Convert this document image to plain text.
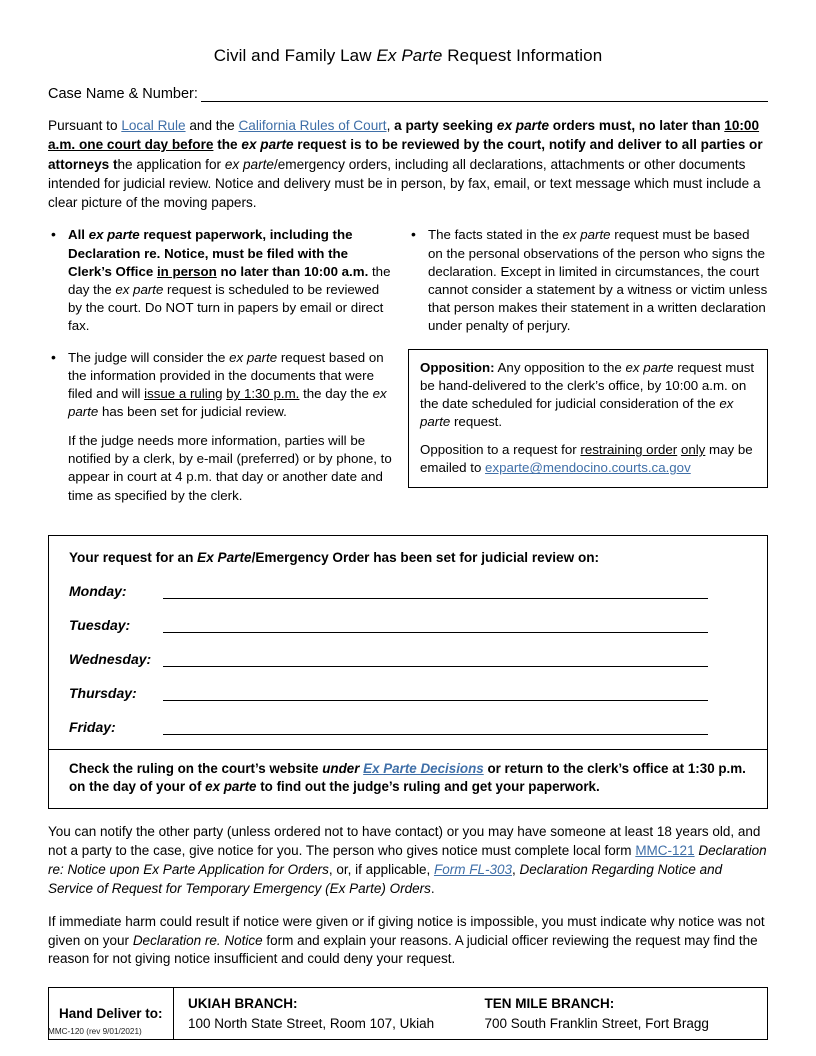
Civil and Family Law Ex Parte Request Information
Case Name & Number:

Pursuant to Local Rule and the California Rules of Court, a party seeking ex parte orders must, no later than 10:00 a.m. one court day before the ex parte request is to be reviewed by the court, notify and deliver to all parties or attorneys the application for ex parte/emergency orders, including all declarations, attachments or other documents intended for judicial review. Notice and delivery must be in person, by fax, email, or text message which must include a clear picture of the moving papers.

• All ex parte request paperwork, including the Declaration re. Notice, must be filed with the Clerk’s Office in person no later than 10:00 a.m. the day the ex parte request is scheduled to be reviewed by the court. Do NOT turn in papers by email or direct fax.

• The judge will consider the ex parte request based on the information provided in the documents that were filed and will issue a ruling by 1:30 p.m. the day the ex parte has been set for judicial review.

If the judge needs more information, parties will be notified by a clerk, by e-mail (preferred) or by phone, to appear in court at 4 p.m. that day or another date and time as specified by the clerk.

• The facts stated in the ex parte request must be based on the personal observations of the person who signs the declaration. Except in limited in circumstances, the court cannot consider a statement by a witness or victim unless that person makes their statement in a written declaration under penalty of perjury.

Opposition: Any opposition to the ex parte request must be hand-delivered to the clerk’s office, by 10:00 a.m. on the date scheduled for judicial consideration of the ex parte request.

Opposition to a request for restraining order only may be emailed to exparte@mendocino.courts.ca.gov

Your request for an Ex Parte/Emergency Order has been set for judicial review on:

Monday:
Tuesday:
Wednesday:
Thursday:
Friday:
Check the ruling on the court’s website under Ex Parte Decisions or return to the clerk’s office at 1:30 p.m. on the day of your of ex parte to find out the judge’s ruling and get your paperwork.

You can notify the other party (unless ordered not to have contact) or you may have someone at least 18 years old, and not a party to the case, give notice for you. The person who gives notice must complete local form MMC-121 Declaration re: Notice upon Ex Parte Application for Orders, or, if applicable, Form FL-303, Declaration Regarding Notice and Service of Request for Temporary Emergency (Ex Parte) Orders.

If immediate harm could result if notice were given or if giving notice is impossible, you must indicate why notice was not given on your Declaration re. Notice form and explain your reasons. A judicial officer reviewing the request may find the reason for not giving notice insufficient and could deny your request.

Hand Deliver to:
UKIAH BRANCH:
100 North State Street, Room 107, Ukiah
TEN MILE BRANCH:
700 South Franklin Street, Fort Bragg
MMC-120 (rev 9/01/2021)
